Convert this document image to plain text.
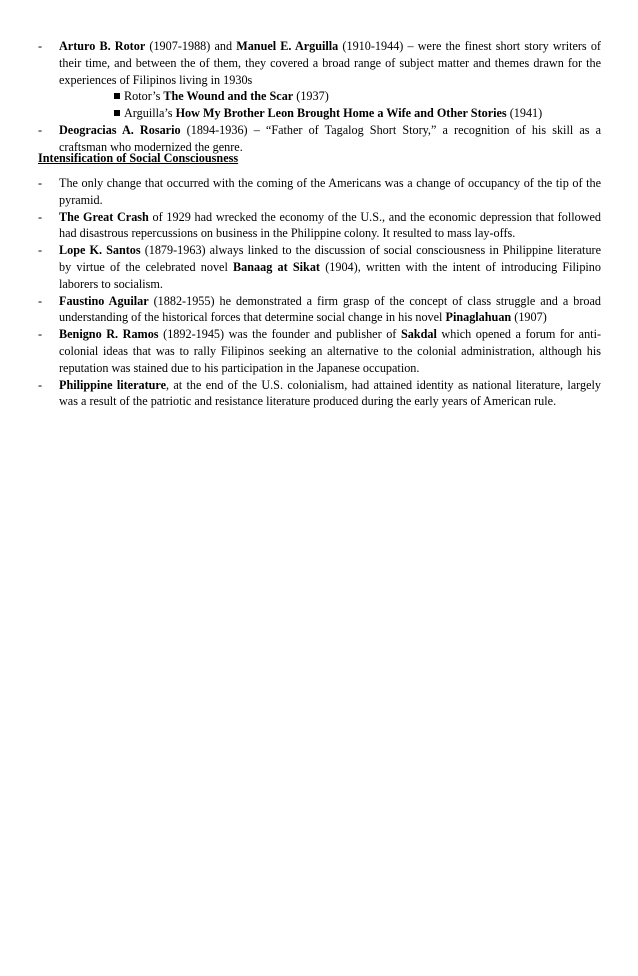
- Arturo B. Rotor (1907-1988) and Manuel E. Arguilla (1910-1944) – were the finest short story writers of their time, and between the of them, they covered a broad range of subject matter and themes drawn for the experiences of Filipinos living in 1930s
Rotor’s The Wound and the Scar (1937)
Arguilla’s How My Brother Leon Brought Home a Wife and Other Stories (1941)
- Deogracias A. Rosario (1894-1936) – “Father of Tagalog Short Story,” a recognition of his skill as a craftsman who modernized the genre.
Intensification of Social Consciousness
- The only change that occurred with the coming of the Americans was a change of occupancy of the tip of the pyramid.
- The Great Crash of 1929 had wrecked the economy of the U.S., and the economic depression that followed had disastrous repercussions on business in the Philippine colony. It resulted to mass lay-offs.
- Lope K. Santos (1879-1963) always linked to the discussion of social consciousness in Philippine literature by virtue of the celebrated novel Banaag at Sikat (1904), written with the intent of introducing Filipino laborers to socialism.
- Faustino Aguilar (1882-1955) he demonstrated a firm grasp of the concept of class struggle and a broad understanding of the historical forces that determine social change in his novel Pinaglahuan (1907)
- Benigno R. Ramos (1892-1945) was the founder and publisher of Sakdal which opened a forum for anti-colonial ideas that was to rally Filipinos seeking an alternative to the colonial administration, although his reputation was stained due to his participation in the Japanese occupation.
- Philippine literature, at the end of the U.S. colonialism, had attained identity as national literature, largely was a result of the patriotic and resistance literature produced during the early years of American rule.
